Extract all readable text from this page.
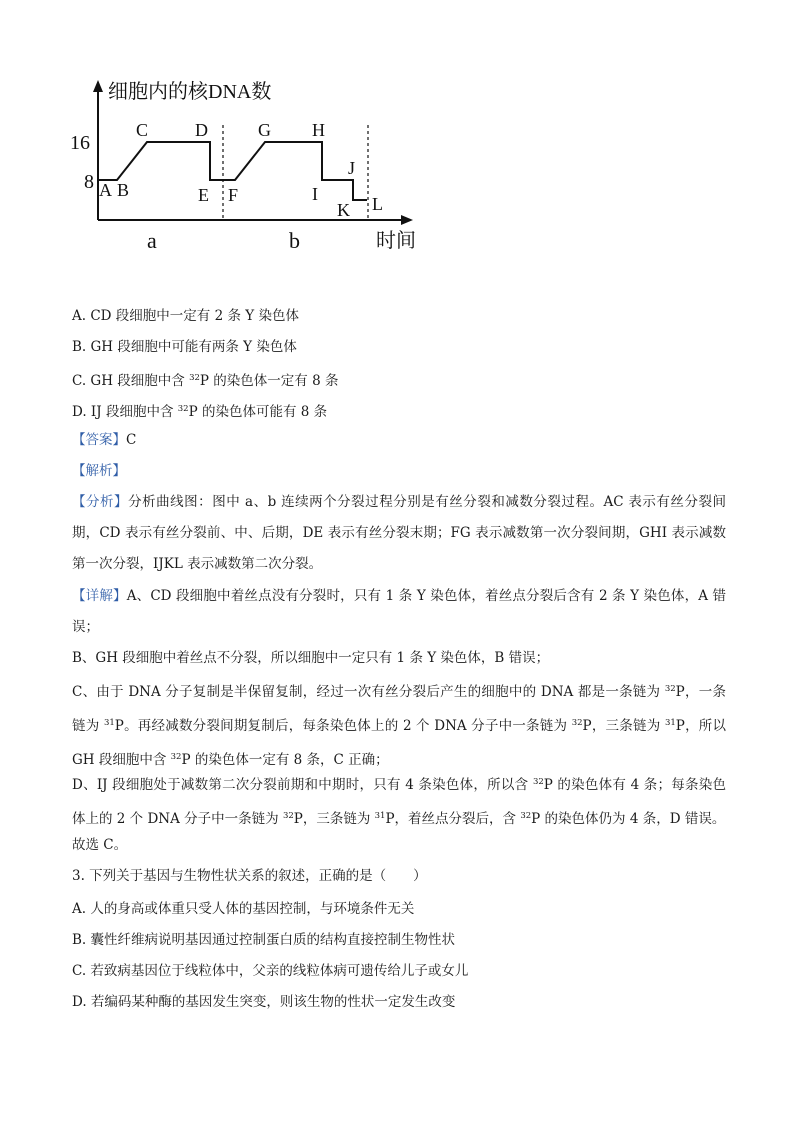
细胞内的核DNA数
时间
16
8 A B
C	D
E F
G H
I
J
K L
a	b
A. CD 段细胞中一定有 2 条 Y 染色体
B. GH 段细胞中可能有两条 Y 染色体
C. GH 段细胞中含 $^{32}$P 的染色体一定有 8 条
D. IJ 段细胞中含 $^{32}$P 的染色体可能有 8 条
【答案】C
【解析】
【分析】分析曲线图：图中 a、b 连续两个分裂过程分别是有丝分裂和减数分裂过程。AC 表示有丝分裂间期，CD 表示有丝分裂前、中、后期，DE 表示有丝分裂末期；FG 表示减数第一次分裂间期，GHI 表示减数第一次分裂，IJKL 表示减数第二次分裂。
【详解】A、CD 段细胞中着丝点没有分裂时，只有 1 条 Y 染色体，着丝点分裂后含有 2 条 Y 染色体，A 错误；
B、GH 段细胞中着丝点不分裂，所以细胞中一定只有 1 条 Y 染色体，B 错误；
C、由于 DNA 分子复制是半保留复制，经过一次有丝分裂后产生的细胞中的 DNA 都是一条链为 $^{32}$P，一条链为 $^{31}$P。再经减数分裂间期复制后，每条染色体上的 2 个 DNA 分子中一条链为 $^{32}$P，三条链为 $^{31}$P，所以 GH 段细胞中含 $^{32}$P 的染色体一定有 8 条，C 正确；
D、IJ 段细胞处于减数第二次分裂前期和中期时，只有 4 条染色体，所以含 $^{32}$P 的染色体有 4 条；每条染色体上的 2 个 DNA 分子中一条链为 $^{32}$P，三条链为 $^{31}$P，着丝点分裂后，含 $^{32}$P 的染色体仍为 4 条，D 错误。
故选 C。
3. 下列关于基因与生物性状关系的叙述，正确的是（　　）
A. 人的身高或体重只受人体的基因控制，与环境条件无关
B. 囊性纤维病说明基因通过控制蛋白质的结构直接控制生物性状
C. 若致病基因位于线粒体中，父亲的线粒体病可遗传给儿子或女儿
D. 若编码某种酶的基因发生突变，则该生物的性状一定发生改变
